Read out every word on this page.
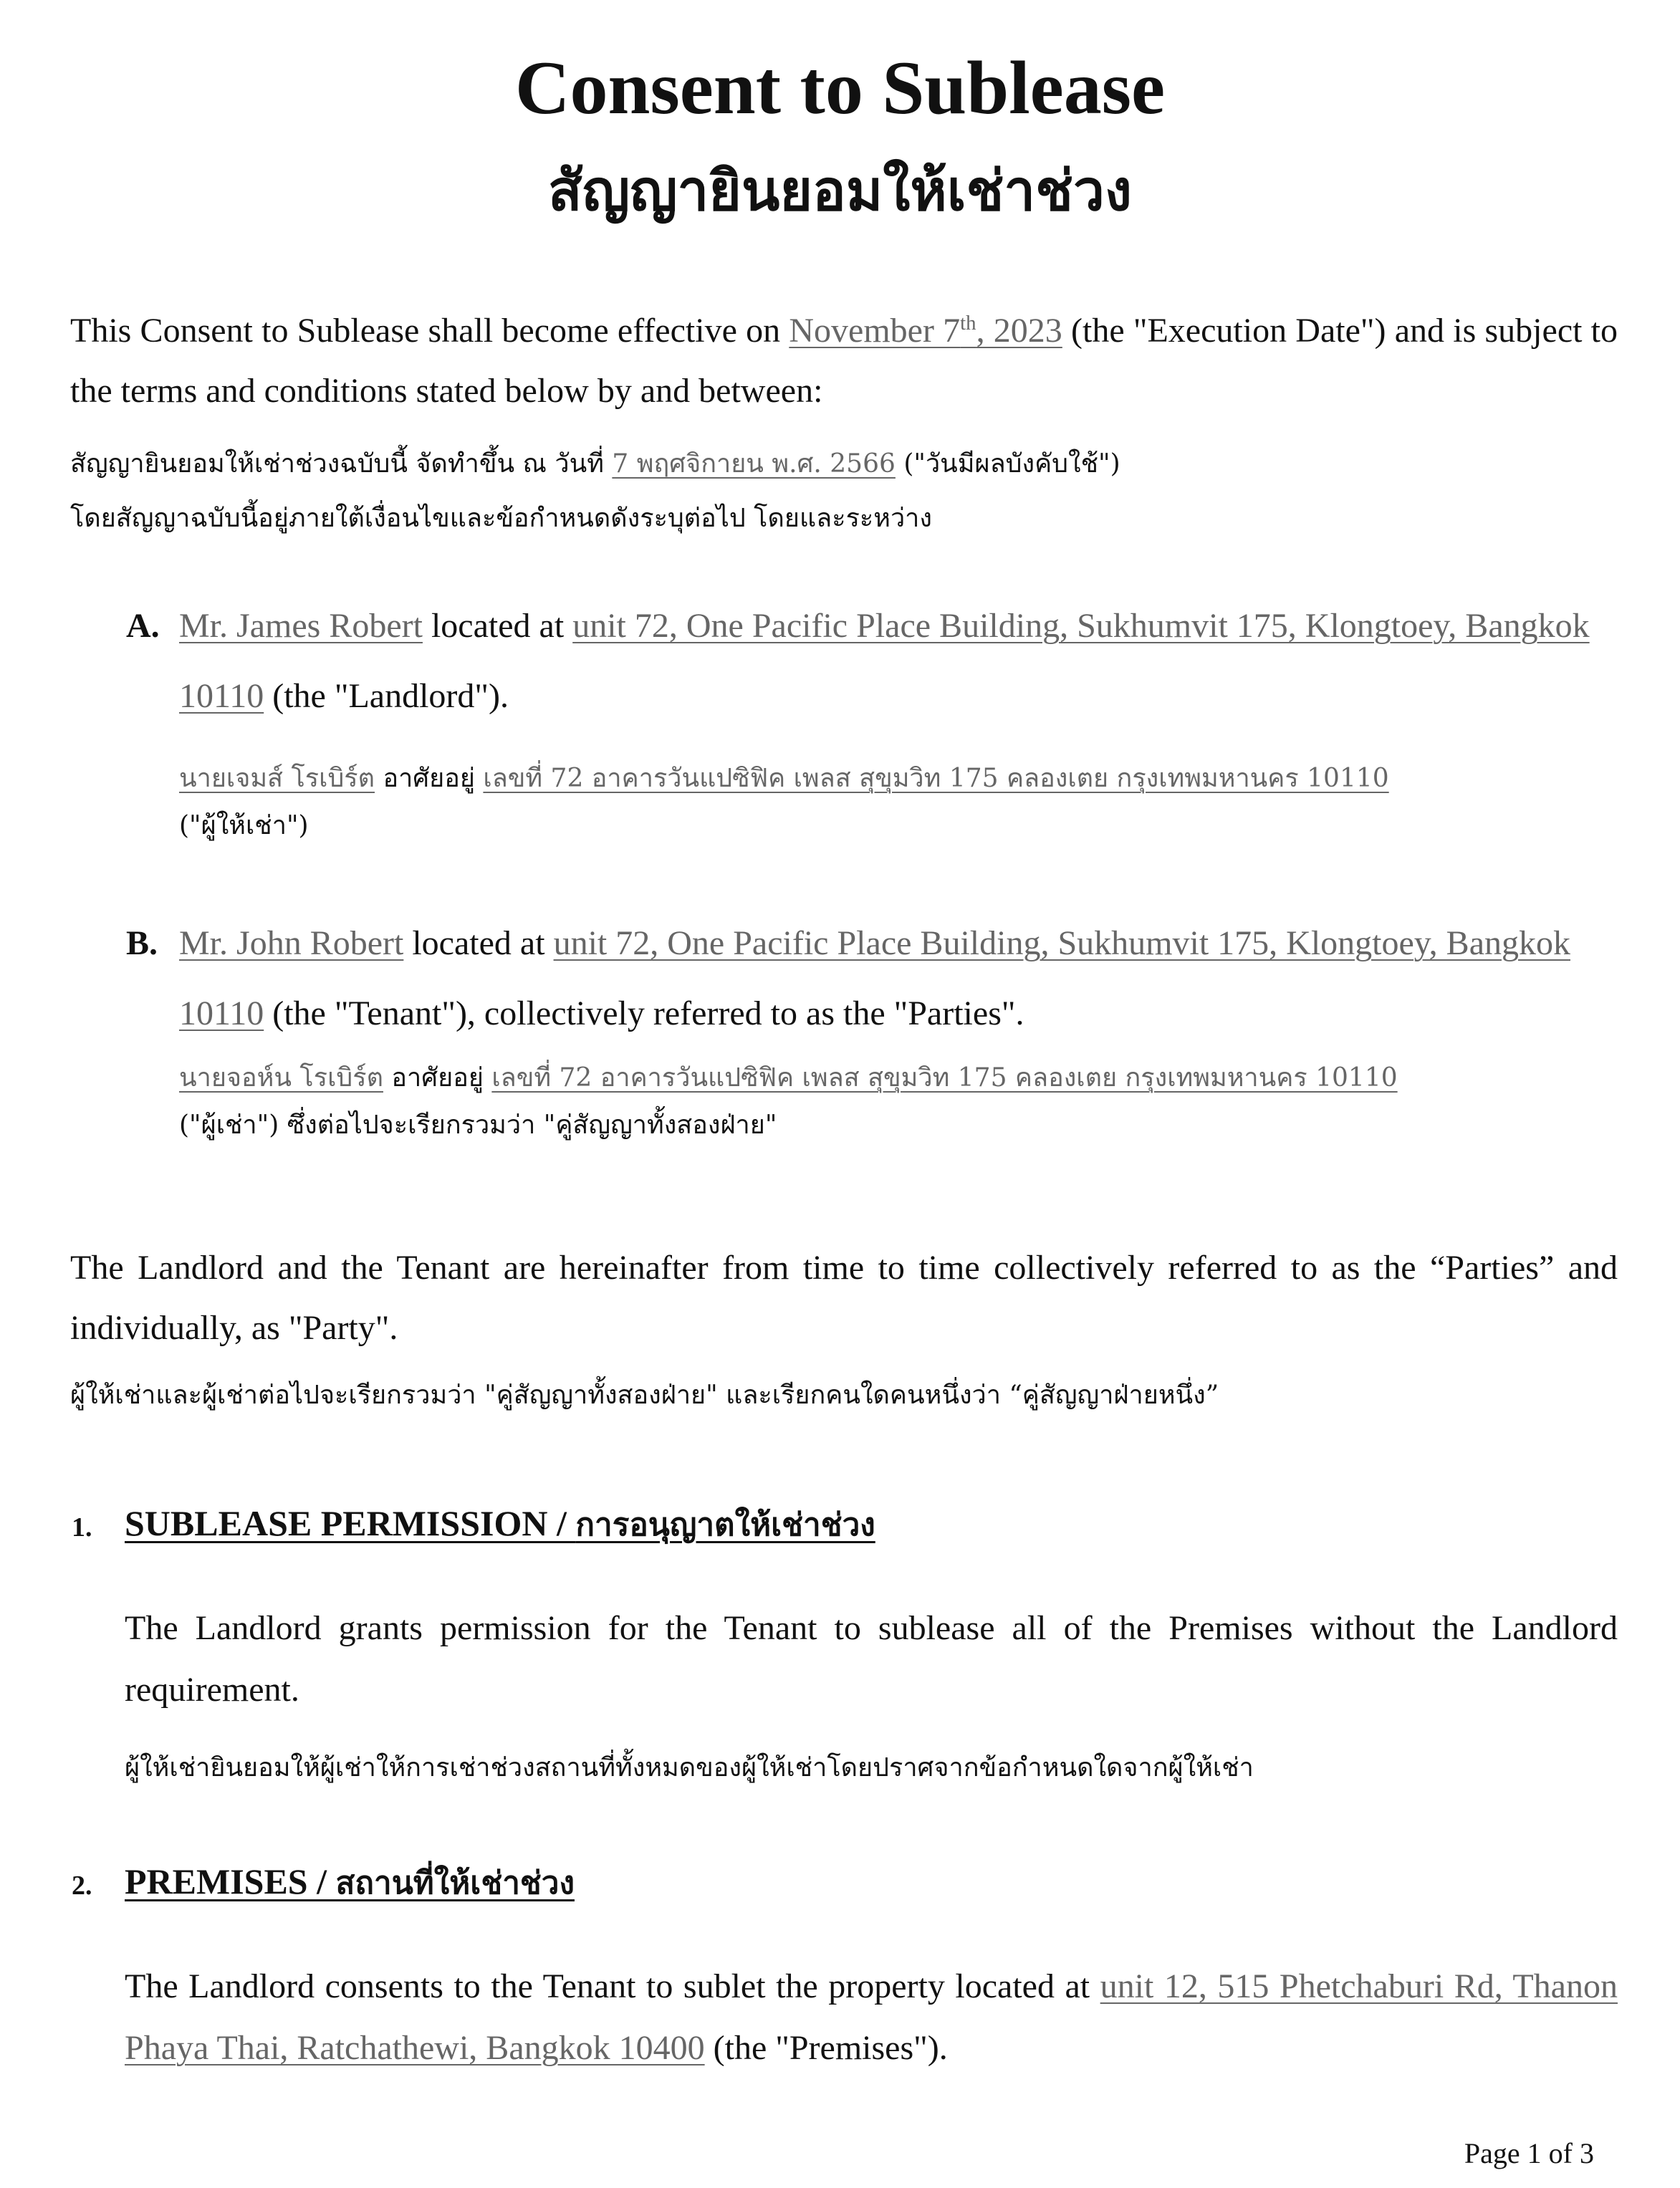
Consent to Sublease
สัญญายินยอมให้เช่าช่วง
This Consent to Sublease shall become effective on November 7th, 2023 (the "Execution Date") and is subject to the terms and conditions stated below by and between:
สัญญายินยอมให้เช่าช่วงฉบับนี้ จัดทำขึ้น ณ วันที่ 7 พฤศจิกายน พ.ศ. 2566 ("วันมีผลบังคับใช้")
โดยสัญญาฉบับนี้อยู่ภายใต้เงื่อนไขและข้อกำหนดดังระบุต่อไป โดยและระหว่าง
A. Mr. James Robert located at unit 72, One Pacific Place Building, Sukhumvit 175, Klongtoey, Bangkok 10110 (the "Landlord").
นายเจมส์ โรเบิร์ต อาศัยอยู่ เลขที่ 72 อาคารวันแปซิฟิค เพลส สุขุมวิท 175 คลองเตย กรุงเทพมหานคร 10110
("ผู้ให้เช่า")
B. Mr. John Robert located at unit 72, One Pacific Place Building, Sukhumvit 175, Klongtoey, Bangkok 10110 (the "Tenant"), collectively referred to as the "Parties".
นายจอห์น โรเบิร์ต อาศัยอยู่ เลขที่ 72 อาคารวันแปซิฟิค เพลส สุขุมวิท 175 คลองเตย กรุงเทพมหานคร 10110
("ผู้เช่า") ซึ่งต่อไปจะเรียกรวมว่า "คู่สัญญาทั้งสองฝ่าย"
The Landlord and the Tenant are hereinafter from time to time collectively referred to as the “Parties” and individually, as "Party".
ผู้ให้เช่าและผู้เช่าต่อไปจะเรียกรวมว่า "คู่สัญญาทั้งสองฝ่าย" และเรียกคนใดคนหนึ่งว่า “คู่สัญญาฝ่ายหนึ่ง”
1. SUBLEASE PERMISSION / การอนุญาตให้เช่าช่วง
The Landlord grants permission for the Tenant to sublease all of the Premises without the Landlord requirement.
ผู้ให้เช่ายินยอมให้ผู้เช่าให้การเช่าช่วงสถานที่ทั้งหมดของผู้ให้เช่าโดยปราศจากข้อกำหนดใดจากผู้ให้เช่า
2. PREMISES / สถานที่ให้เช่าช่วง
The Landlord consents to the Tenant to sublet the property located at unit 12, 515 Phetchaburi Rd, Thanon Phaya Thai, Ratchathewi, Bangkok 10400 (the "Premises").
Page 1 of 3
